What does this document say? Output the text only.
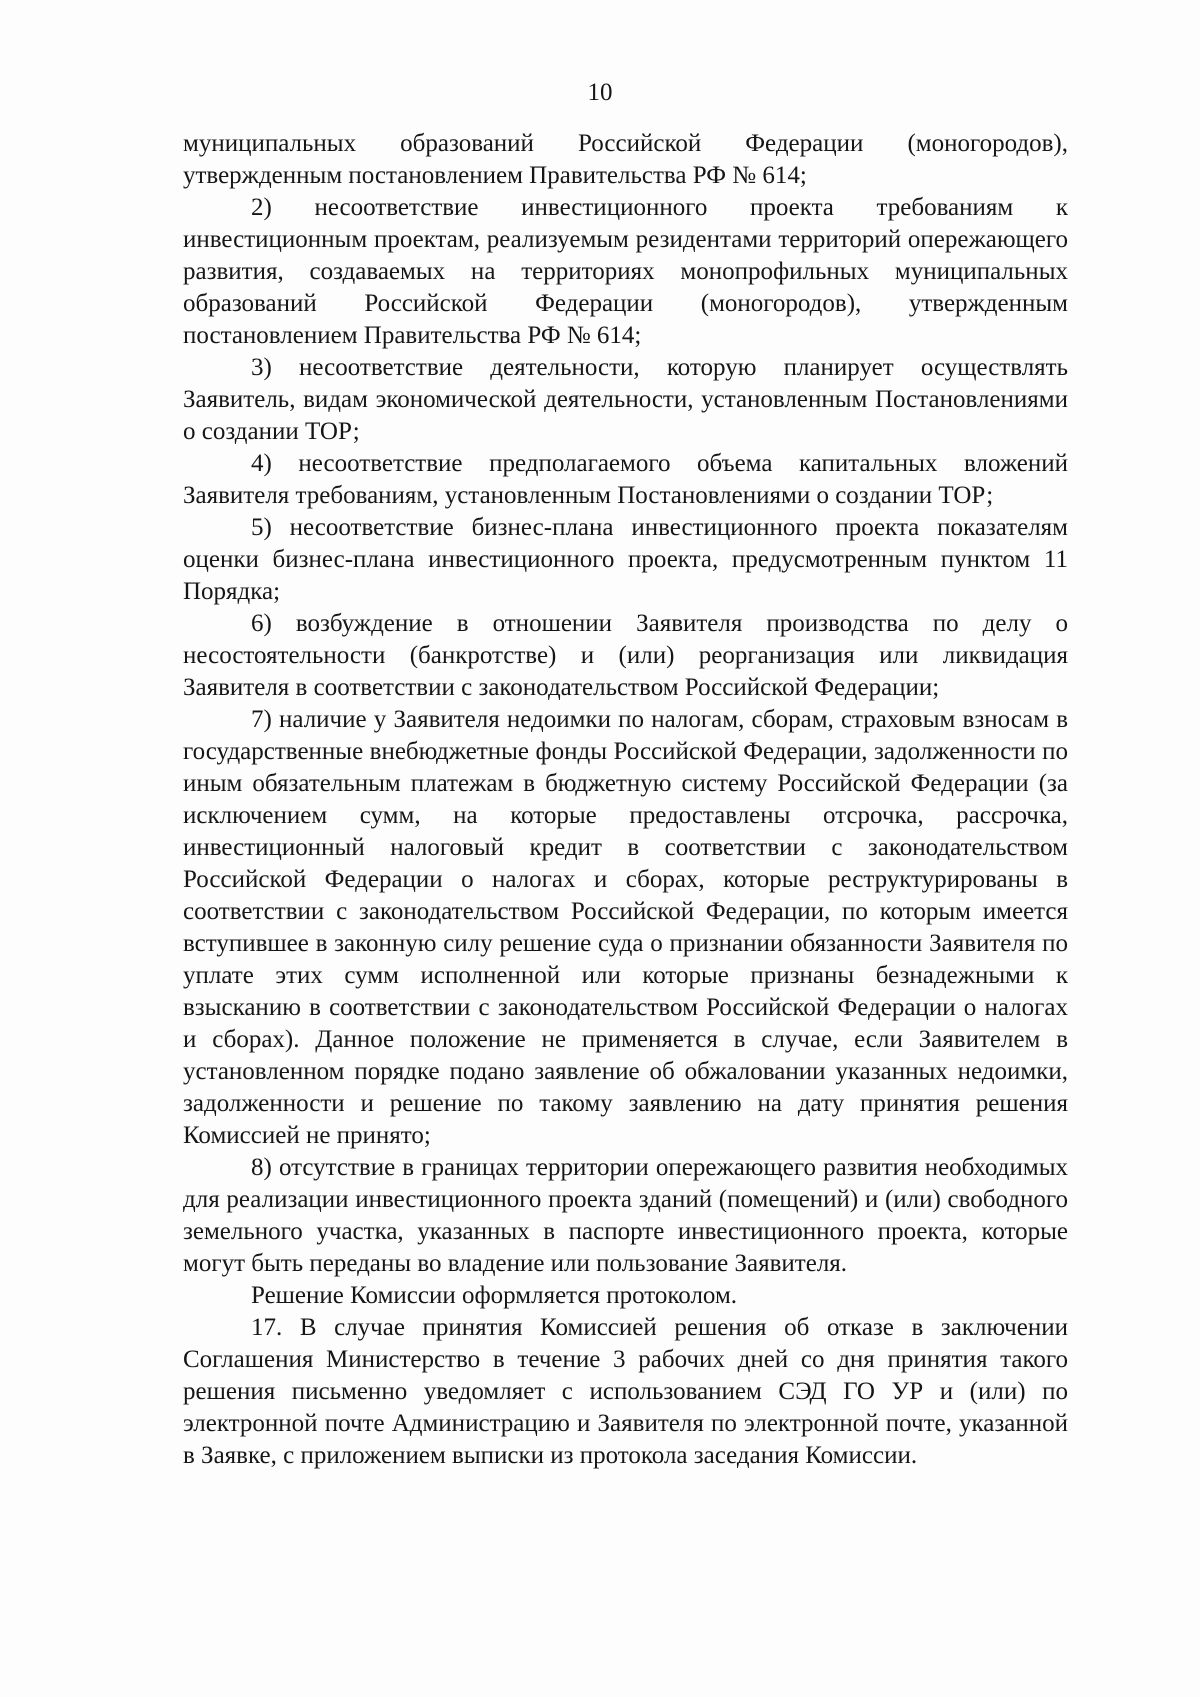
10

муниципальных образований Российской Федерации (моногородов), утвержденным постановлением Правительства РФ № 614;

2) несоответствие инвестиционного проекта требованиям к инвестиционным проектам, реализуемым резидентами территорий опережающего развития, создаваемых на территориях монопрофильных муниципальных образований Российской Федерации (моногородов), утвержденным постановлением Правительства РФ № 614;

3) несоответствие деятельности, которую планирует осуществлять Заявитель, видам экономической деятельности, установленным Постановлениями о создании ТОР;

4) несоответствие предполагаемого объема капитальных вложений Заявителя требованиям, установленным Постановлениями о создании ТОР;

5) несоответствие бизнес-плана инвестиционного проекта показателям оценки бизнес-плана инвестиционного проекта, предусмотренным пунктом 11 Порядка;

6) возбуждение в отношении Заявителя производства по делу о несостоятельности (банкротстве) и (или) реорганизация или ликвидация Заявителя в соответствии с законодательством Российской Федерации;

7) наличие у Заявителя недоимки по налогам, сборам, страховым взносам в государственные внебюджетные фонды Российской Федерации, задолженности по иным обязательным платежам в бюджетную систему Российской Федерации (за исключением сумм, на которые предоставлены отсрочка, рассрочка, инвестиционный налоговый кредит в соответствии с законодательством Российской Федерации о налогах и сборах, которые реструктурированы в соответствии с законодательством Российской Федерации, по которым имеется вступившее в законную силу решение суда о признании обязанности Заявителя по уплате этих сумм исполненной или которые признаны безнадежными к взысканию в соответствии с законодательством Российской Федерации о налогах и сборах). Данное положение не применяется в случае, если Заявителем в установленном порядке подано заявление об обжаловании указанных недоимки, задолженности и решение по такому заявлению на дату принятия решения Комиссией не принято;

8) отсутствие в границах территории опережающего развития необходимых для реализации инвестиционного проекта зданий (помещений) и (или) свободного земельного участка, указанных в паспорте инвестиционного проекта, которые могут быть переданы во владение или пользование Заявителя.

Решение Комиссии оформляется протоколом.

17. В случае принятия Комиссией решения об отказе в заключении Соглашения Министерство в течение 3 рабочих дней со дня принятия такого решения письменно уведомляет с использованием СЭД ГО УР и (или) по электронной почте Администрацию и Заявителя по электронной почте, указанной в Заявке, с приложением выписки из протокола заседания Комиссии.
